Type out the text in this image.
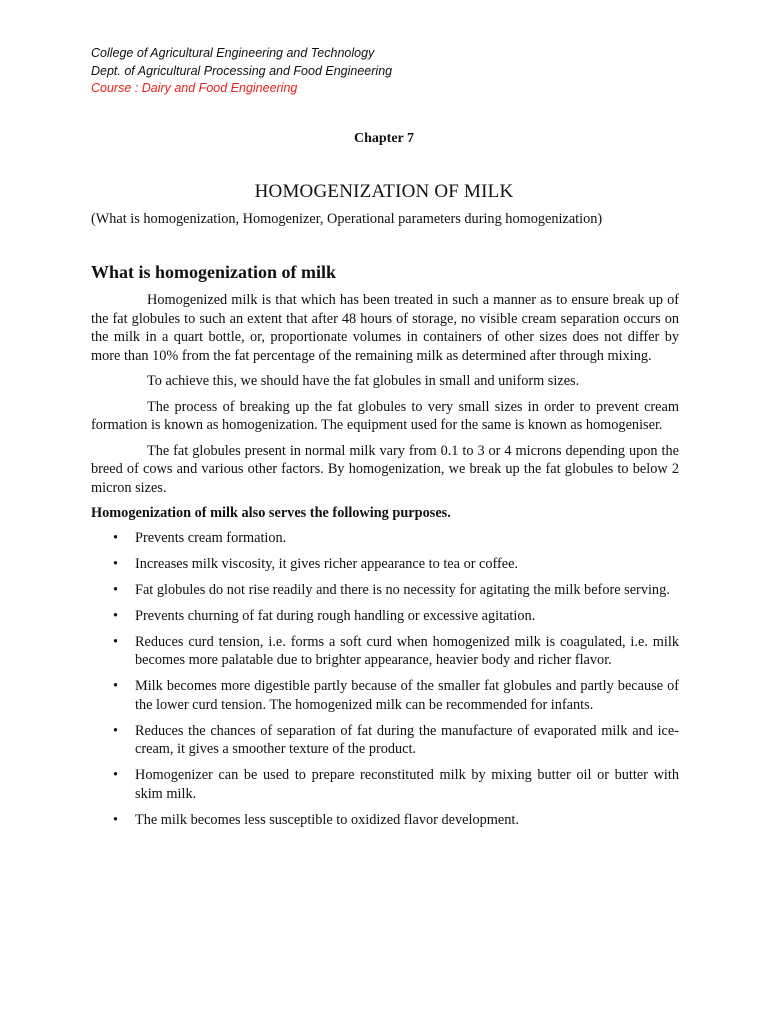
College of Agricultural Engineering and Technology
Dept. of Agricultural Processing and Food Engineering
Course : Dairy and Food Engineering
Chapter 7
HOMOGENIZATION OF MILK
(What is homogenization, Homogenizer, Operational parameters during homogenization)
What is homogenization of milk

Homogenized milk is that which has been treated in such a manner as to ensure break up of the fat globules to such an extent that after 48 hours of storage, no visible cream separation occurs on the milk in a quart bottle, or, proportionate volumes in containers of other sizes does not differ by more than 10% from the fat percentage of the remaining milk as determined after through mixing.

To achieve this, we should have the fat globules in small and uniform sizes.

The process of breaking up the fat globules to very small sizes in order to prevent cream formation is known as homogenization. The equipment used for the same is known as homogeniser.

The fat globules present in normal milk vary from 0.1 to 3 or 4 microns depending upon the breed of cows and various other factors. By homogenization, we break up the fat globules to below 2 micron sizes.

Homogenization of milk also serves the following purposes.
• Prevents cream formation.
• Increases milk viscosity, it gives richer appearance to tea or coffee.
• Fat globules do not rise readily and there is no necessity for agitating the milk before serving.
• Prevents churning of fat during rough handling or excessive agitation.
• Reduces curd tension, i.e. forms a soft curd when homogenized milk is coagulated, i.e. milk becomes more palatable due to brighter appearance, heavier body and richer flavor.
• Milk becomes more digestible partly because of the smaller fat globules and partly because of the lower curd tension. The homogenized milk can be recommended for infants.
• Reduces the chances of separation of fat during the manufacture of evaporated milk and ice-cream, it gives a smoother texture of the product.
• Homogenizer can be used to prepare reconstituted milk by mixing butter oil or butter with skim milk.
• The milk becomes less susceptible to oxidized flavor development.
